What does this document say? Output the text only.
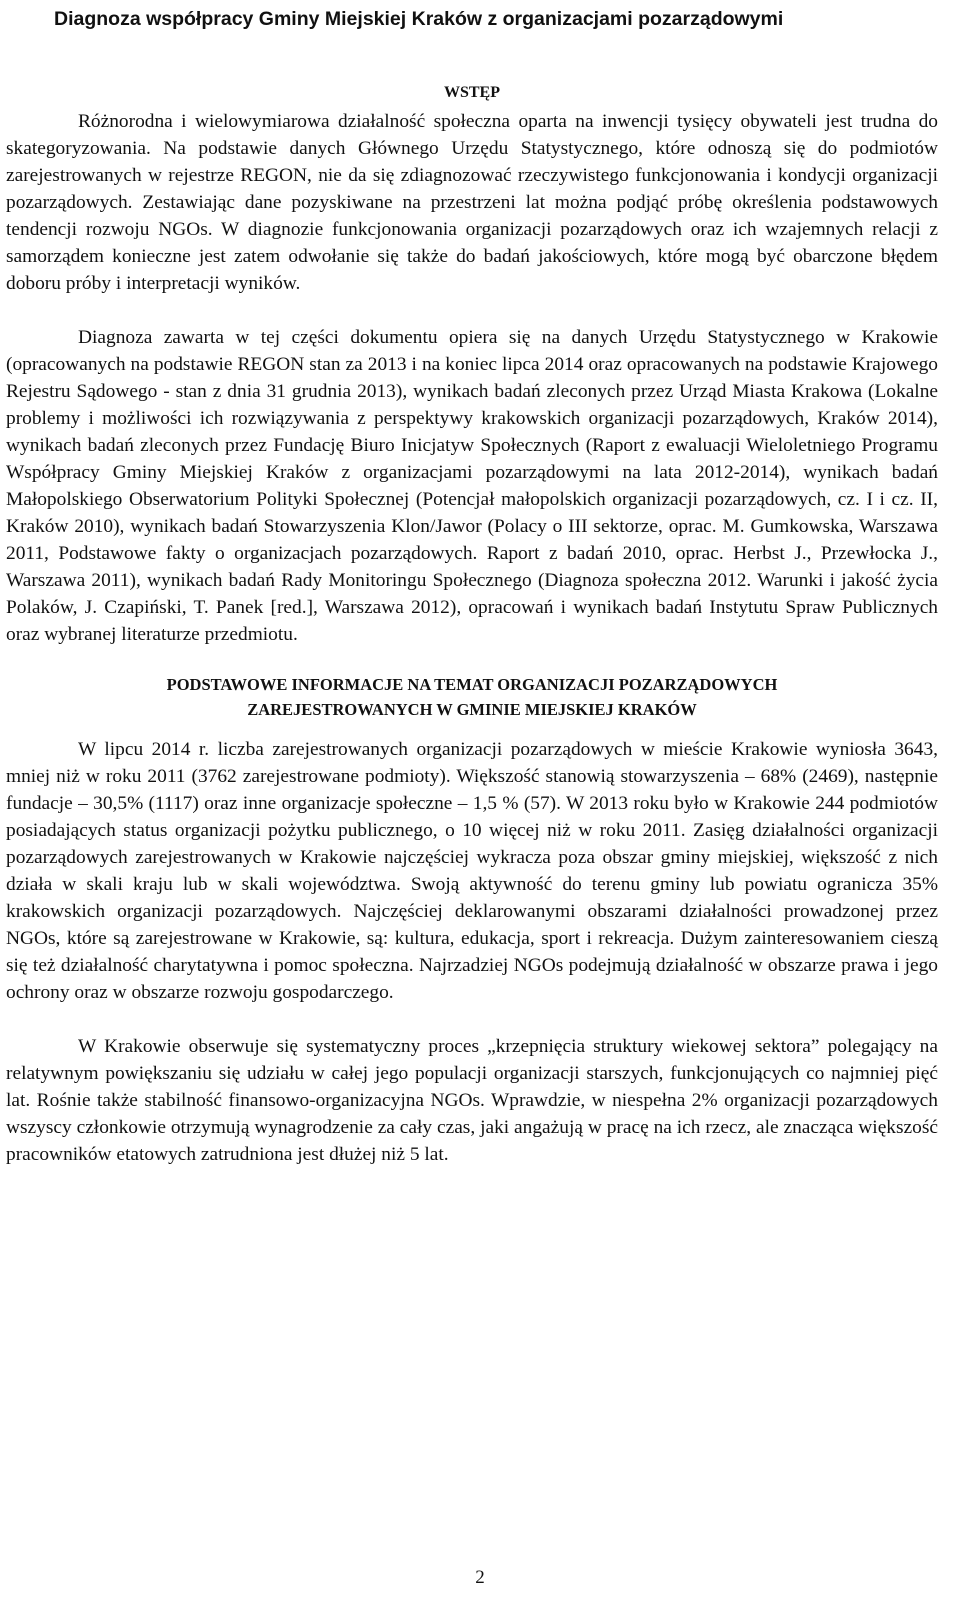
Diagnoza współpracy Gminy Miejskiej Kraków z organizacjami pozarządowymi
WSTĘP

Różnorodna i wielowymiarowa działalność społeczna oparta na inwencji tysięcy obywateli jest trudna do skategoryzowania. Na podstawie danych Głównego Urzędu Statystycznego, które odnoszą się do podmiotów zarejestrowanych w rejestrze REGON, nie da się zdiagnozować rzeczywistego funkcjonowania i kondycji organizacji pozarządowych. Zestawiając dane pozyskiwane na przestrzeni lat można podjąć próbę określenia podstawowych tendencji rozwoju NGOs. W diagnozie funkcjonowania organizacji pozarządowych oraz ich wzajemnych relacji z samorządem konieczne jest zatem odwołanie się także do badań jakościowych, które mogą być obarczone błędem doboru próby i interpretacji wyników.

Diagnoza zawarta w tej części dokumentu opiera się na danych Urzędu Statystycznego w Krakowie (opracowanych na podstawie REGON stan za 2013 i na koniec lipca 2014 oraz opracowanych na podstawie Krajowego Rejestru Sądowego - stan z dnia 31 grudnia 2013), wynikach badań zleconych przez Urząd Miasta Krakowa (Lokalne problemy i możliwości ich rozwiązywania z perspektywy krakowskich organizacji pozarządowych, Kraków 2014), wynikach badań zleconych przez Fundację Biuro Inicjatyw Społecznych (Raport z ewaluacji Wieloletniego Programu Współpracy Gminy Miejskiej Kraków z organizacjami pozarządowymi na lata 2012-2014), wynikach badań Małopolskiego Obserwatorium Polityki Społecznej (Potencjał małopolskich organizacji pozarządowych, cz. I i cz. II, Kraków 2010), wynikach badań Stowarzyszenia Klon/Jawor (Polacy o III sektorze, oprac. M. Gumkowska, Warszawa 2011, Podstawowe fakty o organizacjach pozarządowych. Raport z badań 2010, oprac. Herbst J., Przewłocka J., Warszawa 2011), wynikach badań Rady Monitoringu Społecznego (Diagnoza społeczna 2012. Warunki i jakość życia Polaków, J. Czapiński, T. Panek [red.], Warszawa 2012), opracowań i wynikach badań Instytutu Spraw Publicznych oraz wybranej literaturze przedmiotu.

PODSTAWOWE INFORMACJE NA TEMAT ORGANIZACJI POZARZĄDOWYCH
ZAREJESTROWANYCH W GMINIE MIEJSKIEJ KRAKÓW

W lipcu 2014 r. liczba zarejestrowanych organizacji pozarządowych w mieście Krakowie wyniosła 3643, mniej niż w roku 2011 (3762 zarejestrowane podmioty). Większość stanowią stowarzyszenia – 68% (2469), następnie fundacje – 30,5% (1117) oraz inne organizacje społeczne – 1,5 % (57). W 2013 roku było w Krakowie 244 podmiotów posiadających status organizacji pożytku publicznego, o 10 więcej niż w roku 2011. Zasięg działalności organizacji pozarządowych zarejestrowanych w Krakowie najczęściej wykracza poza obszar gminy miejskiej, większość z nich działa w skali kraju lub w skali województwa. Swoją aktywność do terenu gminy lub powiatu ogranicza 35% krakowskich organizacji pozarządowych. Najczęściej deklarowanymi obszarami działalności prowadzonej przez NGOs, które są zarejestrowane w Krakowie, są: kultura, edukacja, sport i rekreacja. Dużym zainteresowaniem cieszą się też działalność charytatywna i pomoc społeczna. Najrzadziej NGOs podejmują działalność w obszarze prawa i jego ochrony oraz w obszarze rozwoju gospodarczego.

W Krakowie obserwuje się systematyczny proces „krzepnięcia struktury wiekowej sektora” polegający na relatywnym powiększaniu się udziału w całej jego populacji organizacji starszych, funkcjonujących co najmniej pięć lat. Rośnie także stabilność finansowo-organizacyjna NGOs. Wprawdzie, w niespełna 2% organizacji pozarządowych wszyscy członkowie otrzymują wynagrodzenie za cały czas, jaki angażują w pracę na ich rzecz, ale znacząca większość pracowników etatowych zatrudniona jest dłużej niż 5 lat.

2
